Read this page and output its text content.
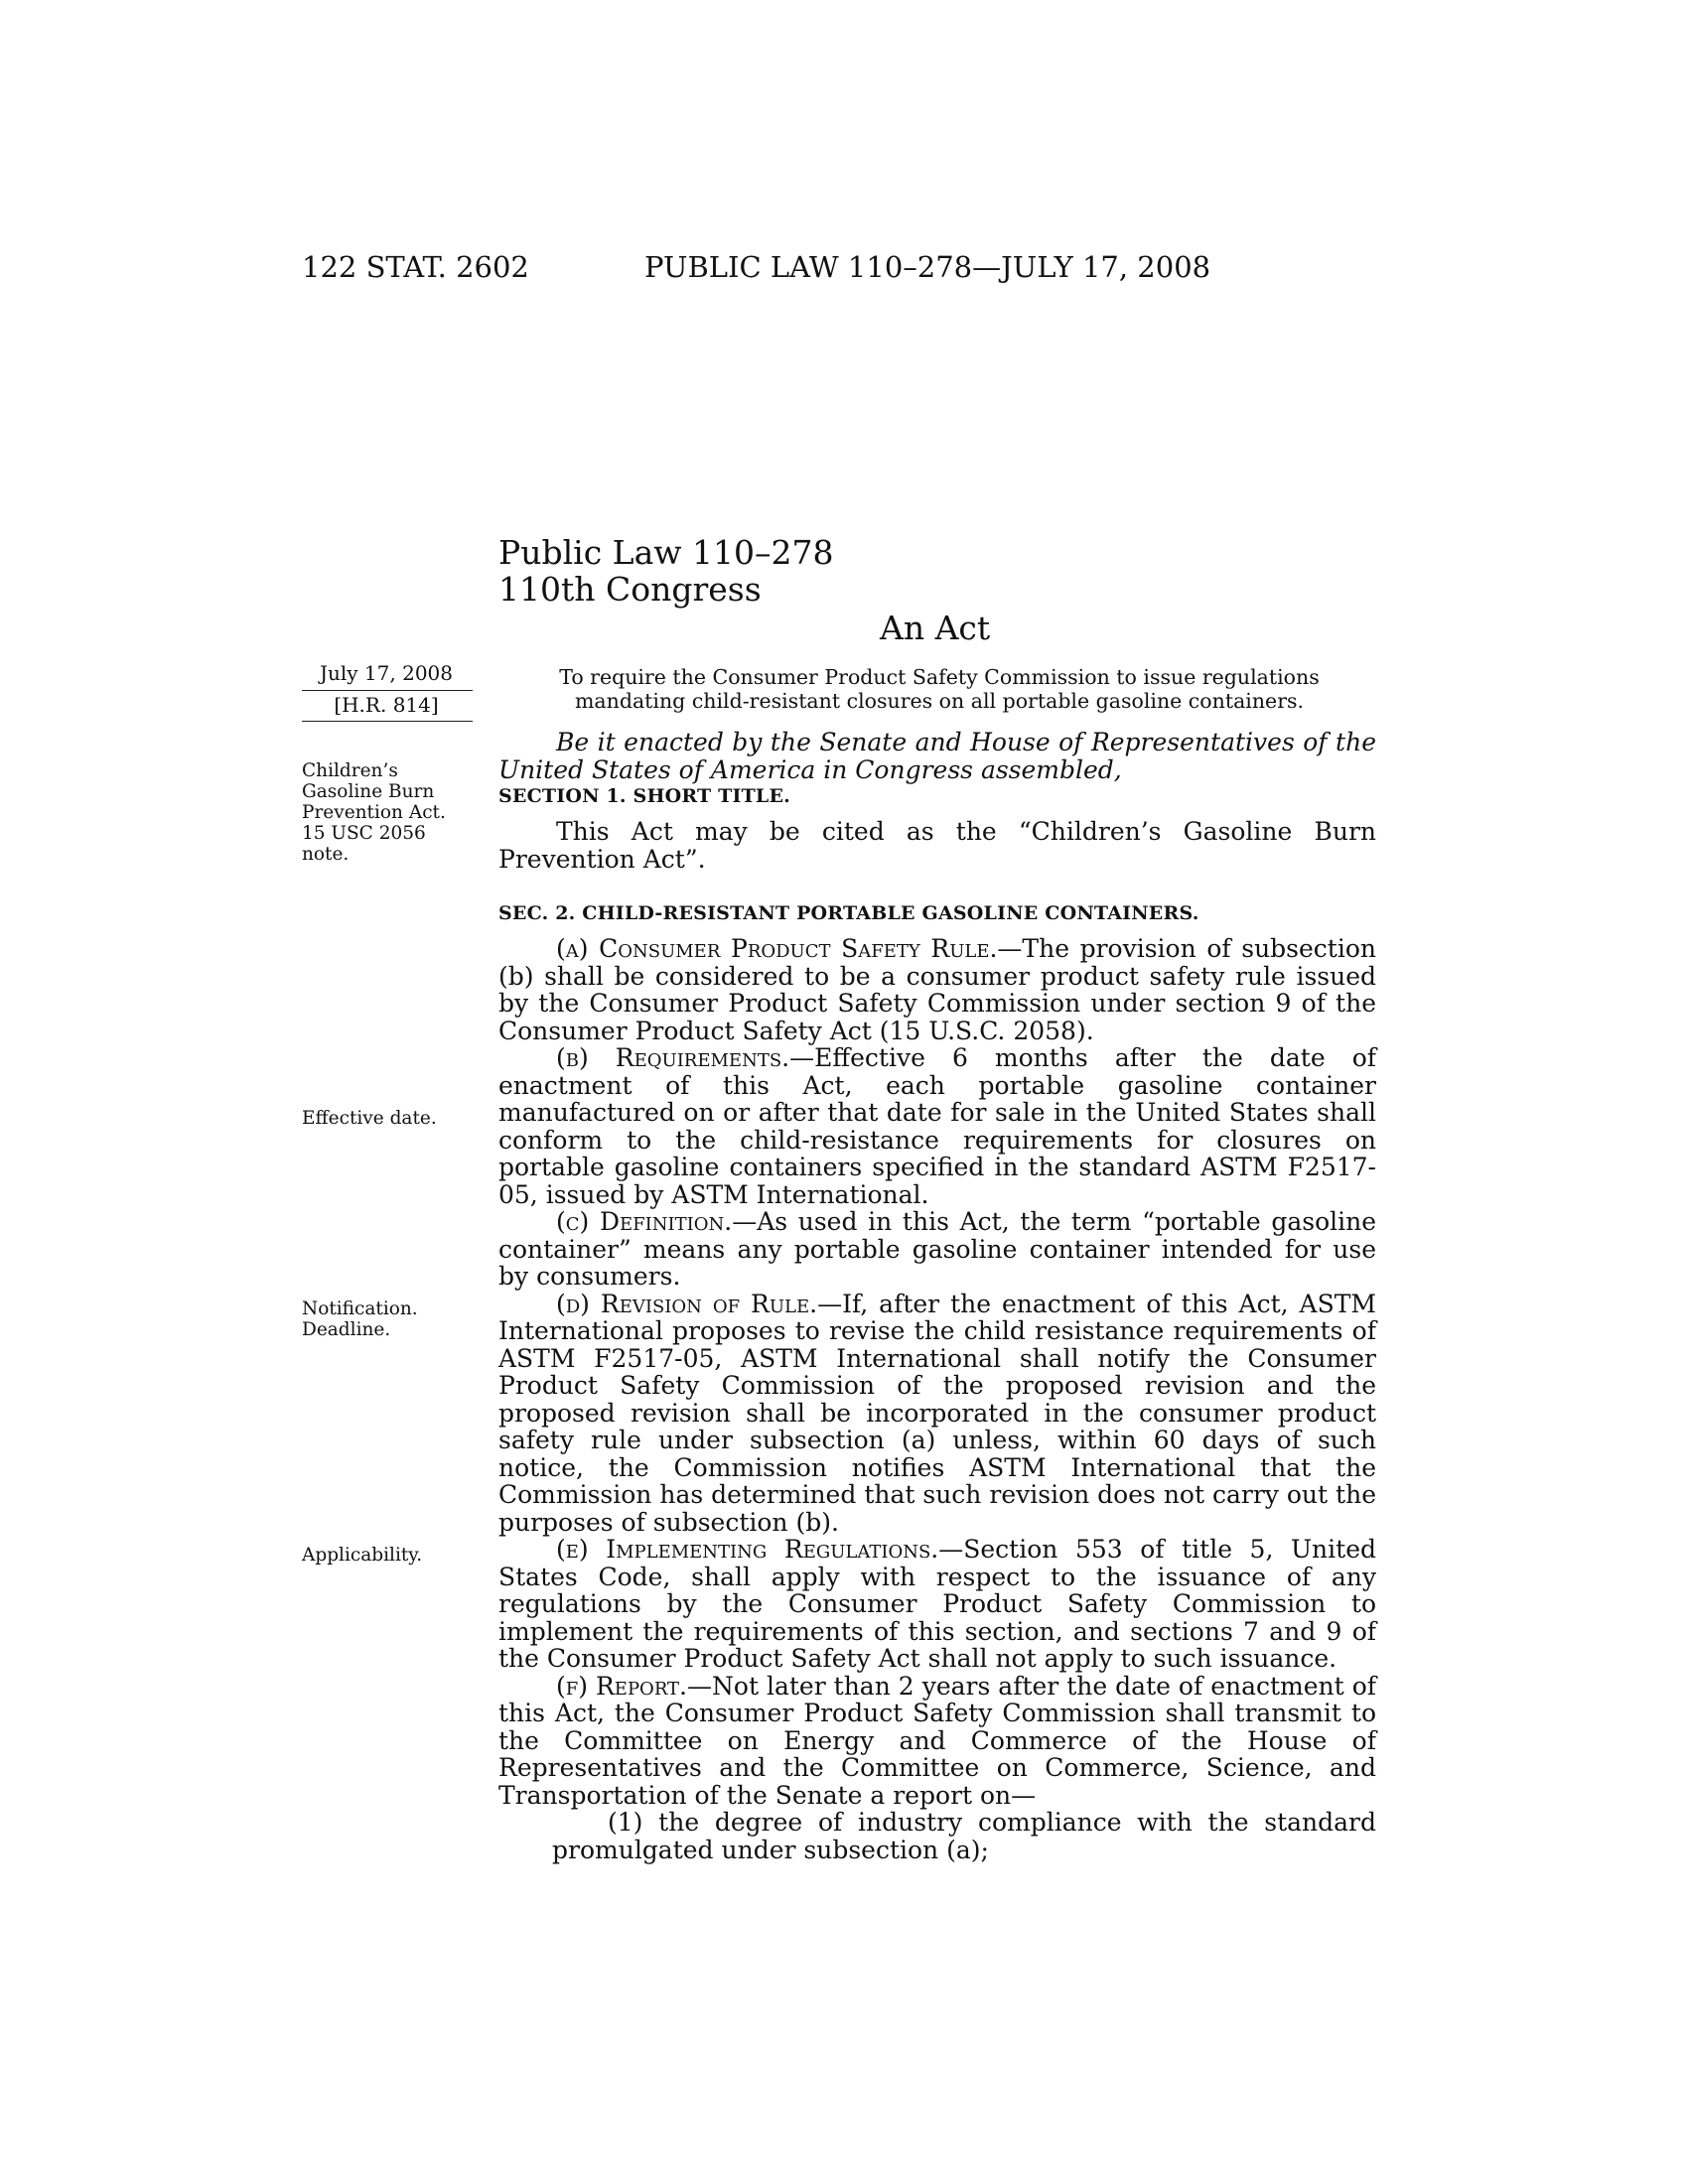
122 STAT. 2602	PUBLIC LAW 110–278—JULY 17, 2008
Public Law 110–278
110th Congress
An Act
July 17, 2008
[H.R. 814]
To require the Consumer Product Safety Commission to issue regulations mandating child-resistant closures on all portable gasoline containers.
Children’s
Gasoline Burn
Prevention Act.
15 USC 2056
note.
Effective date.
Notification.
Deadline.
Applicability.

Be it enacted by the Senate and House of Representatives of the United States of America in Congress assembled,

SECTION 1. SHORT TITLE.

This Act may be cited as the “Children’s Gasoline Burn Prevention Act”.

SEC. 2. CHILD-RESISTANT PORTABLE GASOLINE CONTAINERS.

(a) Consumer Product Safety Rule.—The provision of subsection (b) shall be considered to be a consumer product safety rule issued by the Consumer Product Safety Commission under section 9 of the Consumer Product Safety Act (15 U.S.C. 2058).

(b) Requirements.—Effective 6 months after the date of enactment of this Act, each portable gasoline container manufactured on or after that date for sale in the United States shall conform to the child-resistance requirements for closures on portable gasoline containers specified in the standard ASTM F2517-05, issued by ASTM International.

(c) Definition.—As used in this Act, the term “portable gasoline container” means any portable gasoline container intended for use by consumers.

(d) Revision of Rule.—If, after the enactment of this Act, ASTM International proposes to revise the child resistance requirements of ASTM F2517-05, ASTM International shall notify the Consumer Product Safety Commission of the proposed revision and the proposed revision shall be incorporated in the consumer product safety rule under subsection (a) unless, within 60 days of such notice, the Commission notifies ASTM International that the Commission has determined that such revision does not carry out the purposes of subsection (b).

(e) Implementing Regulations.—Section 553 of title 5, United States Code, shall apply with respect to the issuance of any regulations by the Consumer Product Safety Commission to implement the requirements of this section, and sections 7 and 9 of the Consumer Product Safety Act shall not apply to such issuance.

(f) Report.—Not later than 2 years after the date of enactment of this Act, the Consumer Product Safety Commission shall transmit to the Committee on Energy and Commerce of the House of Representatives and the Committee on Commerce, Science, and Transportation of the Senate a report on—

(1) the degree of industry compliance with the standard promulgated under subsection (a);
